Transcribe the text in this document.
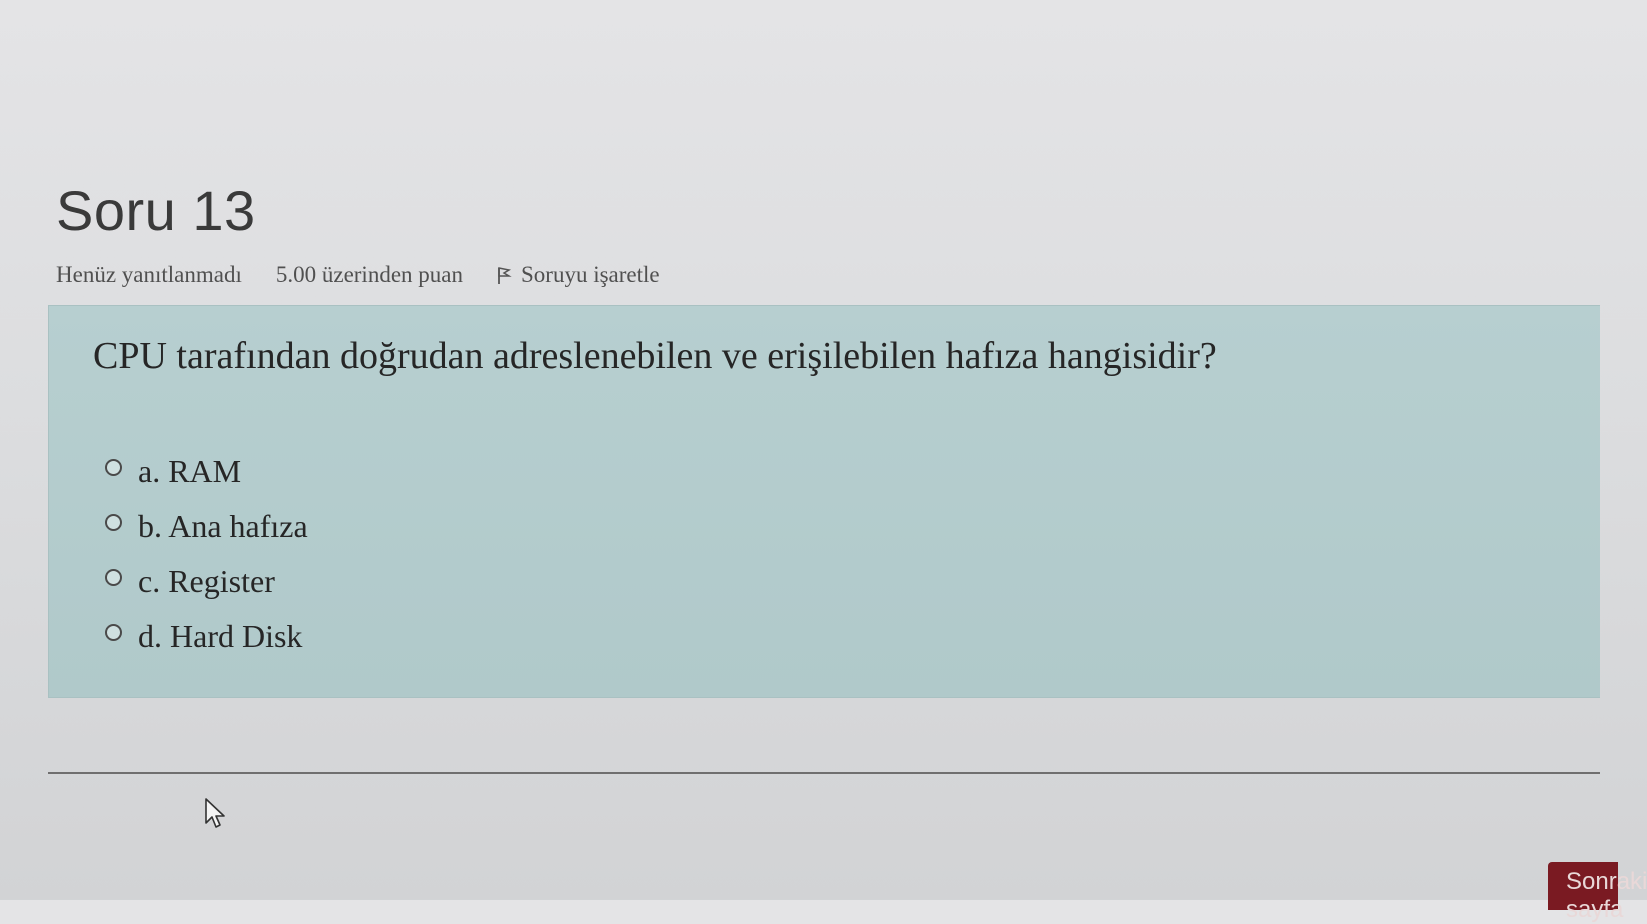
Soru 13
Henüz yanıtlanmadı 5.00 üzerinden puan	Soruyu işaretle

CPU tarafından doğrudan adreslenebilen ve erişilebilen hafıza hangisidir?

a. RAM
b. Ana hafıza
c. Register
d. Hard Disk
Sonraki sayfa
